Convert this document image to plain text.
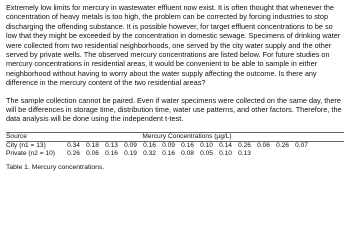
Extremely low limits for mercury in wastewater effluent now exist. It is often thought that whenever the concentration of heavy metals is too high, the problem can be corrected by forcing industries to stop discharging the offending substance. It is possible however, for target effluent concentrations to be so low that they might be exceeded by the concentration in domestic sewage. Specimens of drinking water were collected from two residential neighborhoods, one served by the city water supply and the other served by private wells. The observed mercury concentrations are listed below. For future studies on mercury concentrations in residential areas, it would be convenient to be able to sample in either neighborhood without having to worry about the water supply affecting the outcome. Is there any difference in the mercury content of the two residential areas?

The sample collection cannot be paired. Even if water specimens were collected on the same day, there will be differences in storage time, distribution time, water use patterns, and other factors. Therefore, the data analysis will be done using the independent t-test.

Source	Mercury Concentrations (µg/L)
City (n1 = 13)	0.34 0.18 0.13 0.09 0.16 0.09 0.16 0.10 0.14 0.26 0.06 0.26 0.07
Private (n2 = 10)	0.26 0.06 0.16 0.19 0.32 0.16 0.08 0.05 0.10 0.13
Table 1. Mercury concentrations.
